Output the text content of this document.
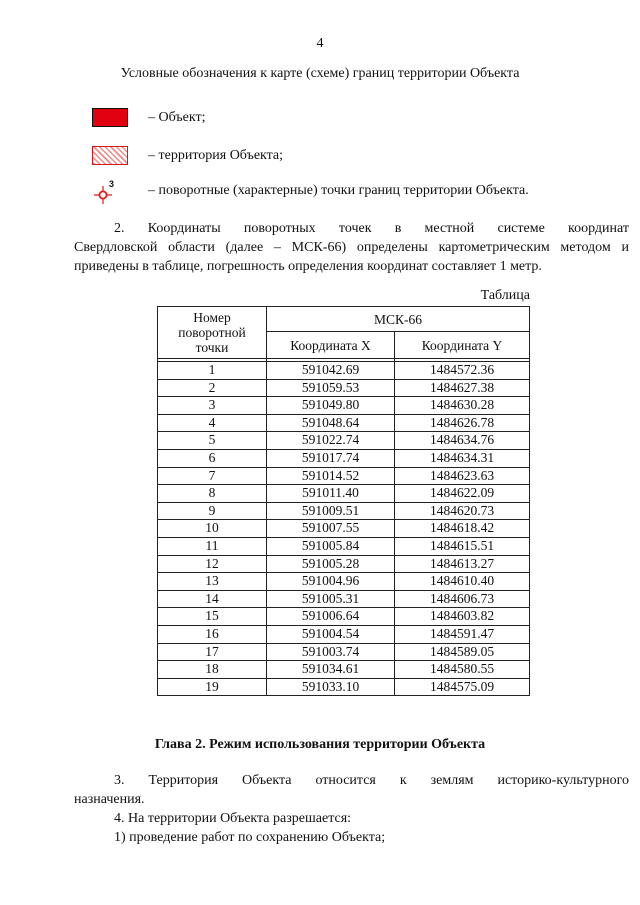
4
Условные обозначения к карте (схеме) границ территории Объекта
– Объект;
– территория Объекта;
3 – поворотные (характерные) точки границ территории Объекта.
2. Координаты поворотных точек в местной системе координат
Свердловской области (далее – МСК-66) определены картометрическим методом и приведены в таблице, погрешность определения координат составляет 1 метр.
Таблица
Номер поворотной точки	МСК-66	
	Координата X	Координата Y

1	591042.69	1484572.36
2	591059.53	1484627.38
3	591049.80	1484630.28
4	591048.64	1484626.78
5	591022.74	1484634.76
6	591017.74	1484634.31
7	591014.52	1484623.63
8	591011.40	1484622.09
9	591009.51	1484620.73
10	591007.55	1484618.42
11	591005.84	1484615.51
12	591005.28	1484613.27
13	591004.96	1484610.40
14	591005.31	1484606.73
15	591006.64	1484603.82
16	591004.54	1484591.47
17	591003.74	1484589.05
18	591034.61	1484580.55
19	591033.10	1484575.09
Глава 2. Режим использования территории Объекта
3. Территория Объекта относится к землям историко-культурного
назначения.
4. На территории Объекта разрешается:
1) проведение работ по сохранению Объекта;
